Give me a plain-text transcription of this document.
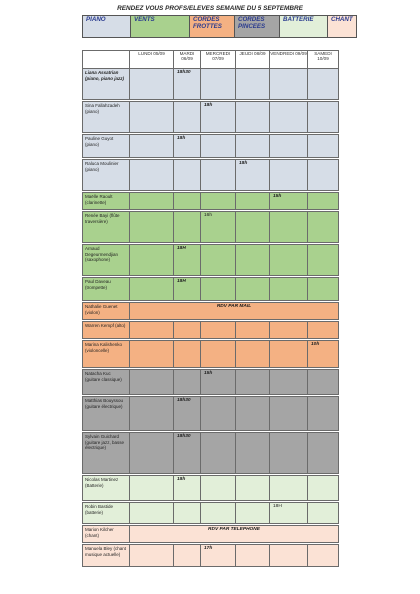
RENDEZ VOUS PROFS/ELEVES SEMAINE DU 5 SEPTEMBRE
PIANO	VENTS	CORDES FROTTES	CORDES PINCEES	BATTERIE	CHANT
	LUNDI 05/09	MARDI 06/09	MERCREDI 07/09	JEUDI 08/09	VENDREDI 09/09	SAMEDI 10/09
Liana Assatrian (piano, piano jazz)		18h30				

Sina Fallahzadeh (piano)			18h			

Pauline Guyot (piano)		18h				

Raluca Moulinier (piano)				18h		

Maëlle Raoult (clarinette)					15h	

Renée Bayi (flûte traversière)			16h			

Arnaud Degeurmendjian (saxophone)		18H				

Paul Daveau (trompette)		18H				

Nathalie Guenet (violon)	RDV PAR MAIL					

Warren Kempf (alto)						

Marina Kalishenko (violoncelle)						10h

Natacha Kuc (guitare classique)			15h			

Matthias Bouyssou (guitare électrique)		18h30				

Sylvain Guichard (guitare jazz, basse électrique)		18h30				

Nicolas Martinez (Batterie)		18h				

Robin Bastide (batterie)					18H	

Marion Kilcher (chant)	RDV PAR TELEPHONE					

Manuela Bley (chant musique actuelle)			17h			
